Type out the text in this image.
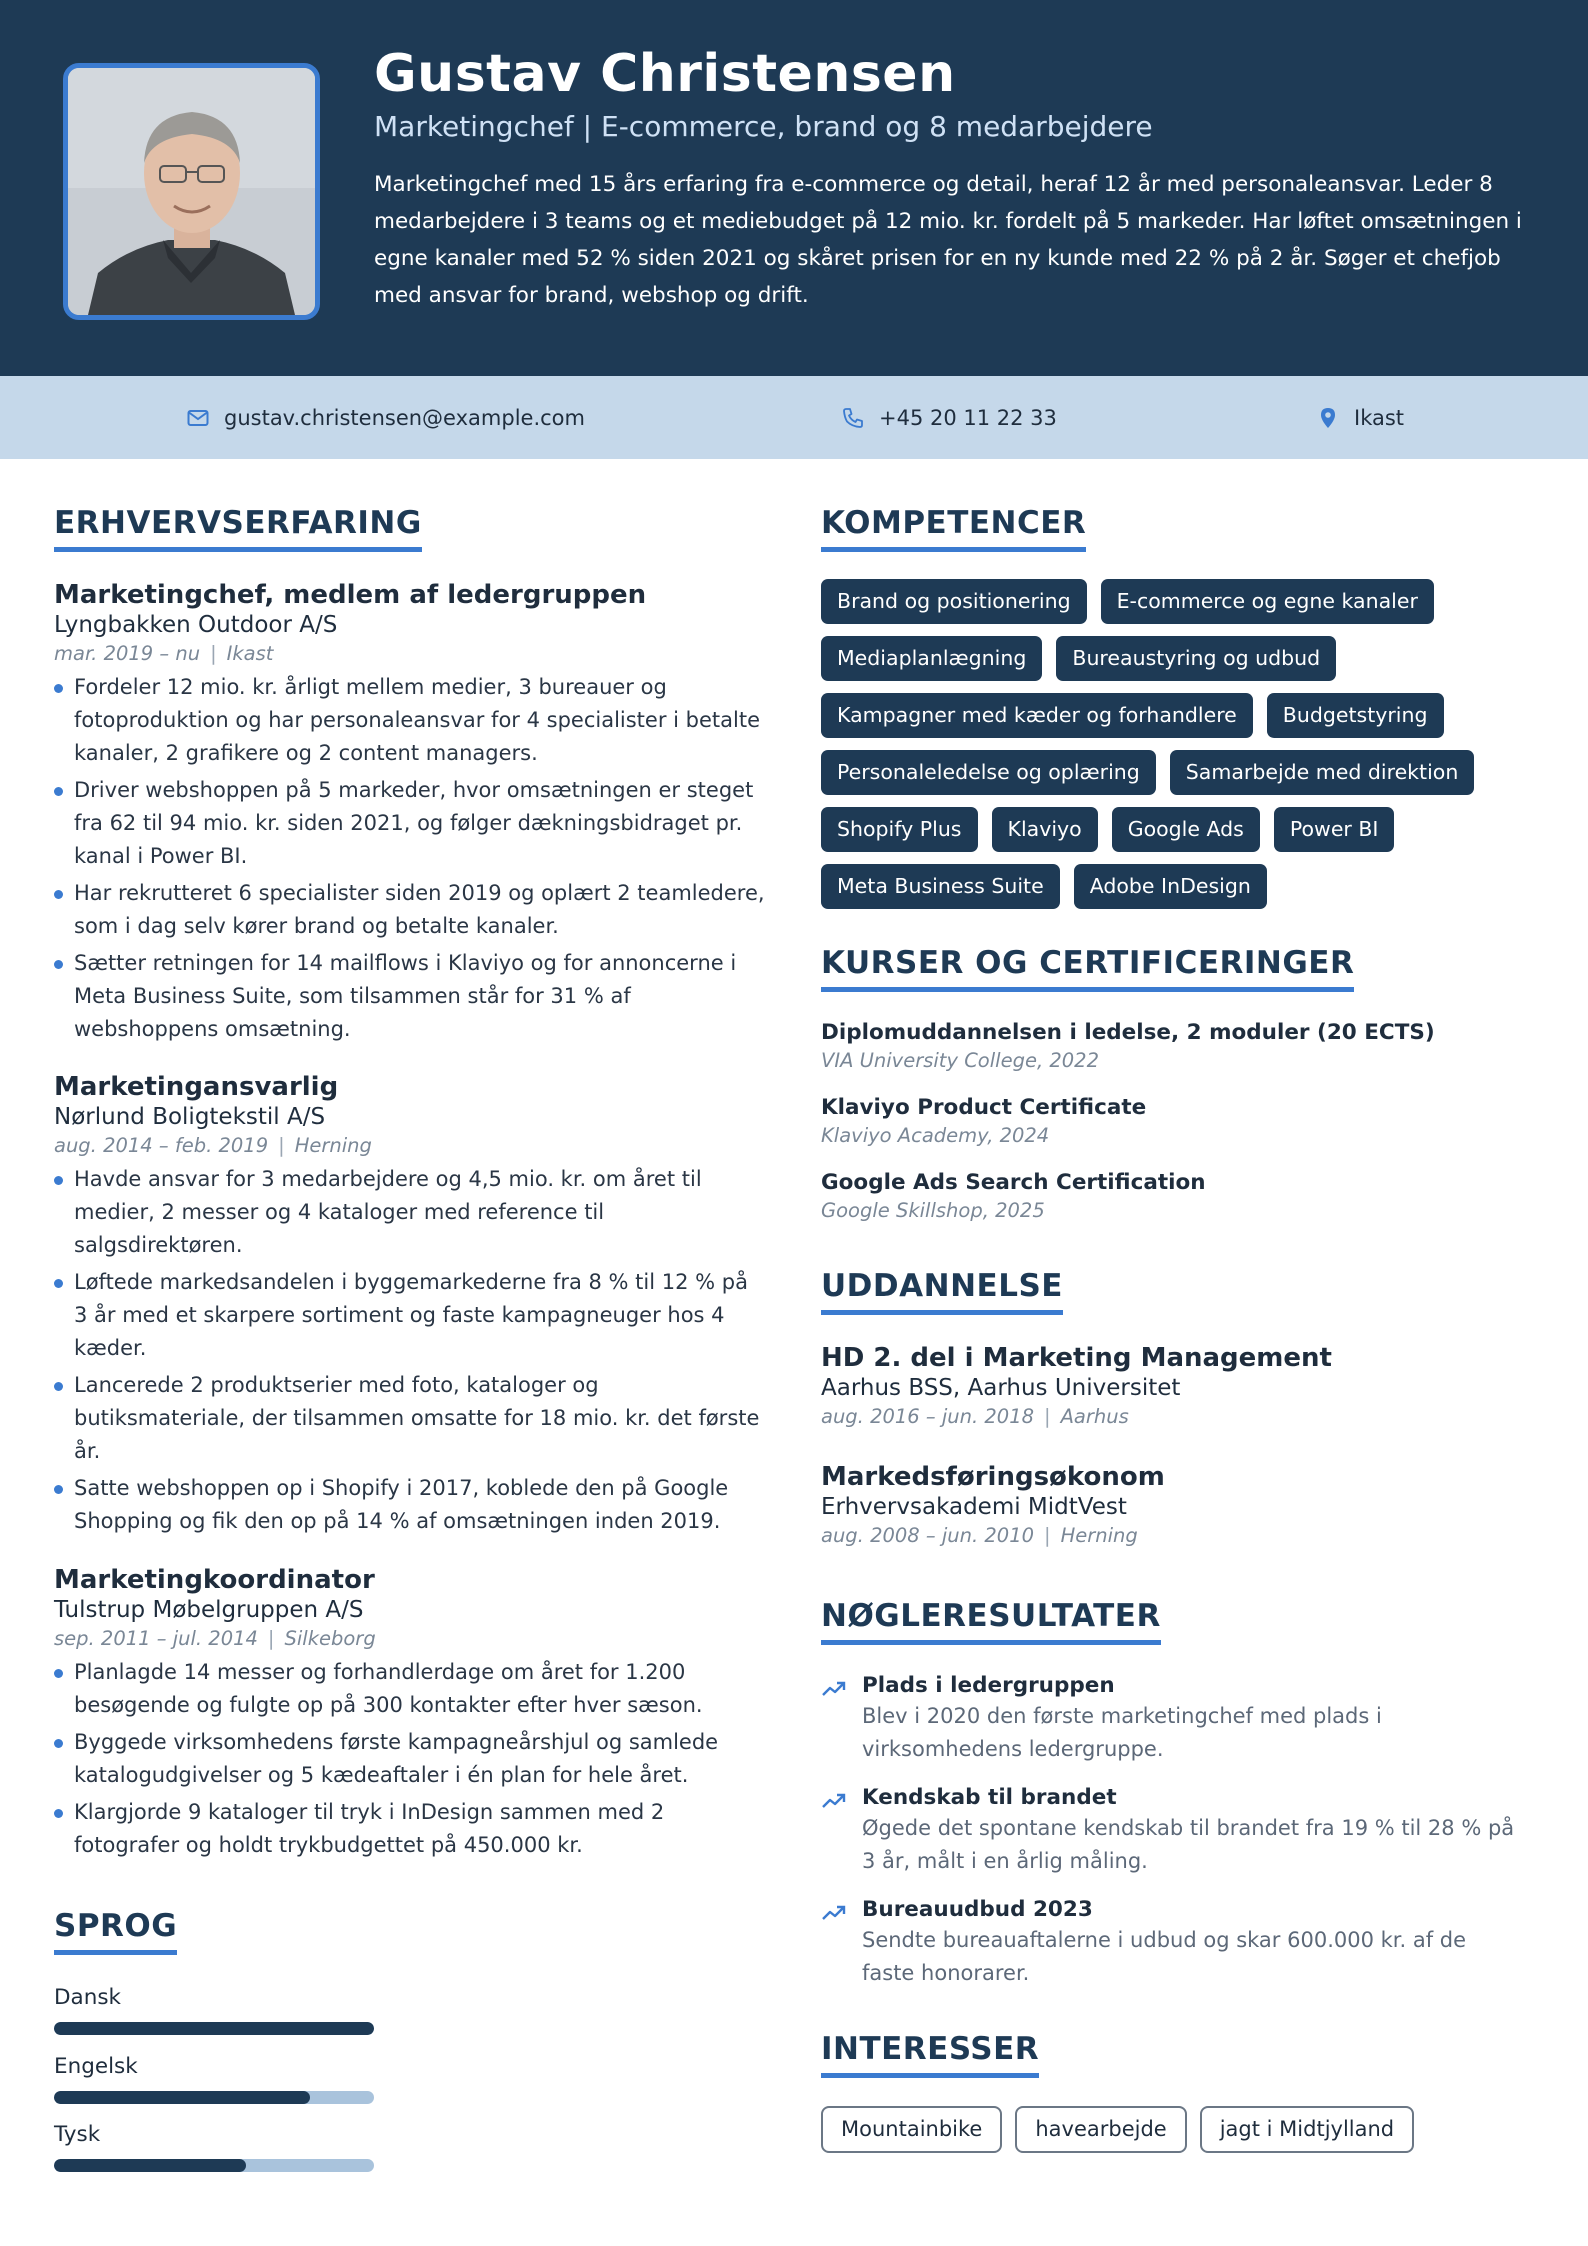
Gustav Christensen
Marketingchef | E-commerce, brand og 8 medarbejdere
Marketingchef med 15 års erfaring fra e-commerce og detail, heraf 12 år med personaleansvar. Leder 8 medarbejdere i 3 teams og et mediebudget på 12 mio. kr. fordelt på 5 markeder. Har løftet omsætningen i egne kanaler med 52 % siden 2021 og skåret prisen for en ny kunde med 22 % på 2 år. Søger et chefjob med ansvar for brand, webshop og drift.
gustav.christensen@example.com	+45 20 11 22 33	Ikast
ERHVERVSERFARING
Marketingchef, medlem af ledergruppen
Lyngbakken Outdoor A/S
mar. 2019 – nu | Ikast
Fordeler 12 mio. kr. årligt mellem medier, 3 bureauer og fotoproduktion og har personaleansvar for 4 specialister i betalte kanaler, 2 grafikere og 2 content managers.
Driver webshoppen på 5 markeder, hvor omsætningen er steget fra 62 til 94 mio. kr. siden 2021, og følger dækningsbidraget pr. kanal i Power BI.
Har rekrutteret 6 specialister siden 2019 og oplært 2 teamledere, som i dag selv kører brand og betalte kanaler.
Sætter retningen for 14 mailflows i Klaviyo og for annoncerne i Meta Business Suite, som tilsammen står for 31 % af webshoppens omsætning.
Marketingansvarlig
Nørlund Boligtekstil A/S
aug. 2014 – feb. 2019 | Herning
Havde ansvar for 3 medarbejdere og 4,5 mio. kr. om året til medier, 2 messer og 4 kataloger med reference til salgsdirektøren.
Løftede markedsandelen i byggemarkederne fra 8 % til 12 % på 3 år med et skarpere sortiment og faste kampagneuger hos 4 kæder.
Lancerede 2 produktserier med foto, kataloger og butiksmateriale, der tilsammen omsatte for 18 mio. kr. det første år.
Satte webshoppen op i Shopify i 2017, koblede den på Google Shopping og fik den op på 14 % af omsætningen inden 2019.
Marketingkoordinator
Tulstrup Møbelgruppen A/S
sep. 2011 – jul. 2014 | Silkeborg
Planlagde 14 messer og forhandlerdage om året for 1.200 besøgende og fulgte op på 300 kontakter efter hver sæson.
Byggede virksomhedens første kampagneårshjul og samlede katalogudgivelser og 5 kædeaftaler i én plan for hele året.
Klargjorde 9 kataloger til tryk i InDesign sammen med 2 fotografer og holdt trykbudgettet på 450.000 kr.
SPROG
Dansk
Engelsk
Tysk
KOMPETENCER
Brand og positionering	E-commerce og egne kanaler
Mediaplanlægning	Bureaustyring og udbud
Kampagner med kæder og forhandlere	Budgetstyring
Personaleledelse og oplæring	Samarbejde med direktion
Shopify Plus	Klaviyo	Google Ads	Power BI
Meta Business Suite	Adobe InDesign
KURSER OG CERTIFICERINGER
Diplomuddannelsen i ledelse, 2 moduler (20 ECTS)
VIA University College, 2022
Klaviyo Product Certificate
Klaviyo Academy, 2024
Google Ads Search Certification
Google Skillshop, 2025
UDDANNELSE
HD 2. del i Marketing Management
Aarhus BSS, Aarhus Universitet
aug. 2016 – jun. 2018 | Aarhus
Markedsføringsøkonom
Erhvervsakademi MidtVest
aug. 2008 – jun. 2010 | Herning
NØGLERESULTATER
Plads i ledergruppen
Blev i 2020 den første marketingchef med plads i virksomhedens ledergruppe.
Kendskab til brandet
Øgede det spontane kendskab til brandet fra 19 % til 28 % på 3 år, målt i en årlig måling.
Bureauudbud 2023
Sendte bureauaftalerne i udbud og skar 600.000 kr. af de faste honorarer.
INTERESSER
Mountainbike	havearbejde	jagt i Midtjylland
